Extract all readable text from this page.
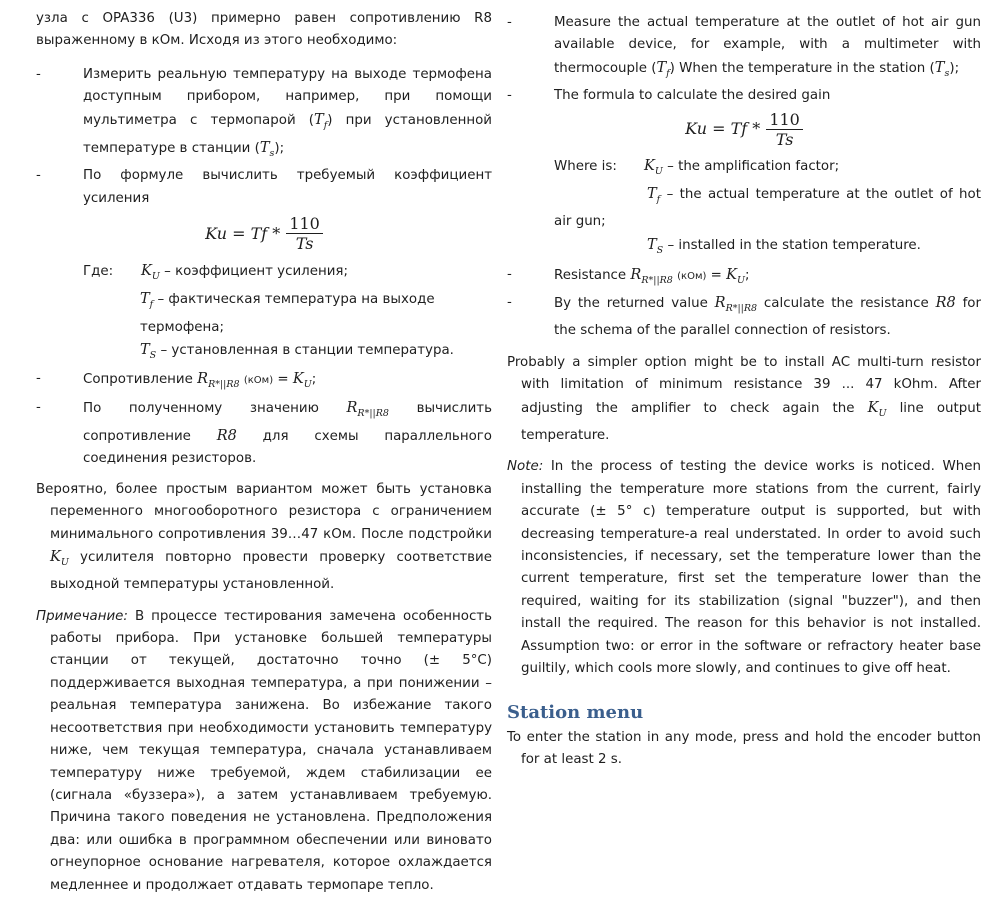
узла с OPA336 (U3) примерно равен сопротивлению R8 выраженному в кОм. Исходя из этого необходимо:

-	Измерить реальную температуру на выходе термофена доступным прибором, например, при помощи мультиметра с термопарой $(T_f)$ при установленной температуре в станции $(T_s)$;

-	По формуле вычислить требуемый коэффициент усиления

$Ku = Tf * \frac{110}{Ts}$

Где: $K_U$ – коэффициент усиления;

$T_f$ – фактическая температура на выходе термофена;

$T_S$ – установленная в станции температура.

-	Сопротивление $R_{R*||R8}$ $(кОм) = K_U$;

-	По полученному значению $R_{R*||R8}$ вычислить сопротивление R8 для схемы параллельного соединения резисторов.

Вероятно, более простым вариантом может быть установка переменного многооборотного резистора с ограничением минимального сопротивления 39…47 кОм. После подстройки $K_U$ усилителя повторно провести проверку соответствие выходной температуры установленной.

Примечание: В процессе тестирования замечена особенность работы прибора. При установке большей температуры станции от текущей, достаточно точно (± 5°C) поддерживается выходная температура, а при понижении – реальная температура занижена. Во избежание такого несоответствия при необходимости установить температуру ниже, чем текущая температура, сначала устанавливаем температуру ниже требуемой, ждем стабилизации ее (сигнала «буззера»), а затем устанавливаем требуемую. Причина такого поведения не установлена. Предположения два: или ошибка в программном обеспечении или виновато огнеупорное основание нагревателя, которое охлаждается медленнее и продолжает отдавать термопаре тепло.

-	Measure the actual temperature at the outlet of hot air gun available device, for example, with a multimeter with thermocouple $(T_f)$ When the temperature in the station $(T_s)$;

-	The formula to calculate the desired gain

$Ku = Tf * \frac{110}{Ts}$

Where is: $K_U$ – the amplification factor;

$T_f$ – the actual temperature at the outlet of hot air gun;

$T_S$ – installed in the station temperature.

-	Resistance $R_{R*||R8}$ $(кОм) = K_U$;

-	By the returned value $R_{R*||R8}$ calculate the resistance R8 for the schema of the parallel connection of resistors.

Probably a simpler option might be to install AC multi-turn resistor with limitation of minimum resistance 39 ... 47 kOhm. After adjusting the amplifier to check again the $K_U$ line output temperature.

Note: In the process of testing the device works is noticed. When installing the temperature more stations from the current, fairly accurate (± 5° c) temperature output is supported, but with decreasing temperature-a real understated. In order to avoid such inconsistencies, if necessary, set the temperature lower than the current temperature, first set the temperature lower than the required, waiting for its stabilization (signal "buzzer"), and then install the required. The reason for this behavior is not installed. Assumption two: or error in the software or refractory heater base guiltily, which cools more slowly, and continues to give off heat.

Station menu

To enter the station in any mode, press and hold the encoder button for at least 2 s.
